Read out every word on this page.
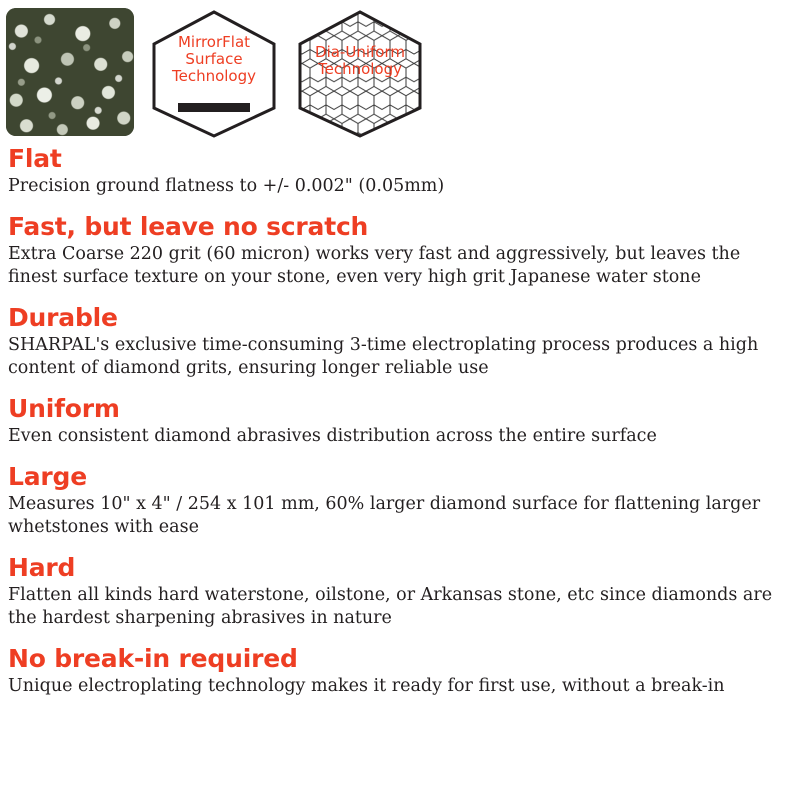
MirrorFlat
Surface
Technology
Dia-Uniform
Technology
Flat

Precision ground flatness to +/- 0.002" (0.05mm)

Fast, but leave no scratch

Extra Coarse 220 grit (60 micron) works very fast and aggressively, but leaves the finest surface texture on your stone, even very high grit Japanese water stone

Durable

SHARPAL's exclusive time-consuming 3-time electroplating process produces a high content of diamond grits, ensuring longer reliable use

Uniform

Even consistent diamond abrasives distribution across the entire surface

Large

Measures 10" x 4" / 254 x 101 mm, 60% larger diamond surface for flattening larger whetstones with ease

Hard

Flatten all kinds hard waterstone, oilstone, or Arkansas stone, etc since diamonds are the hardest sharpening abrasives in nature

No break-in required

Unique electroplating technology makes it ready for first use, without a break-in
